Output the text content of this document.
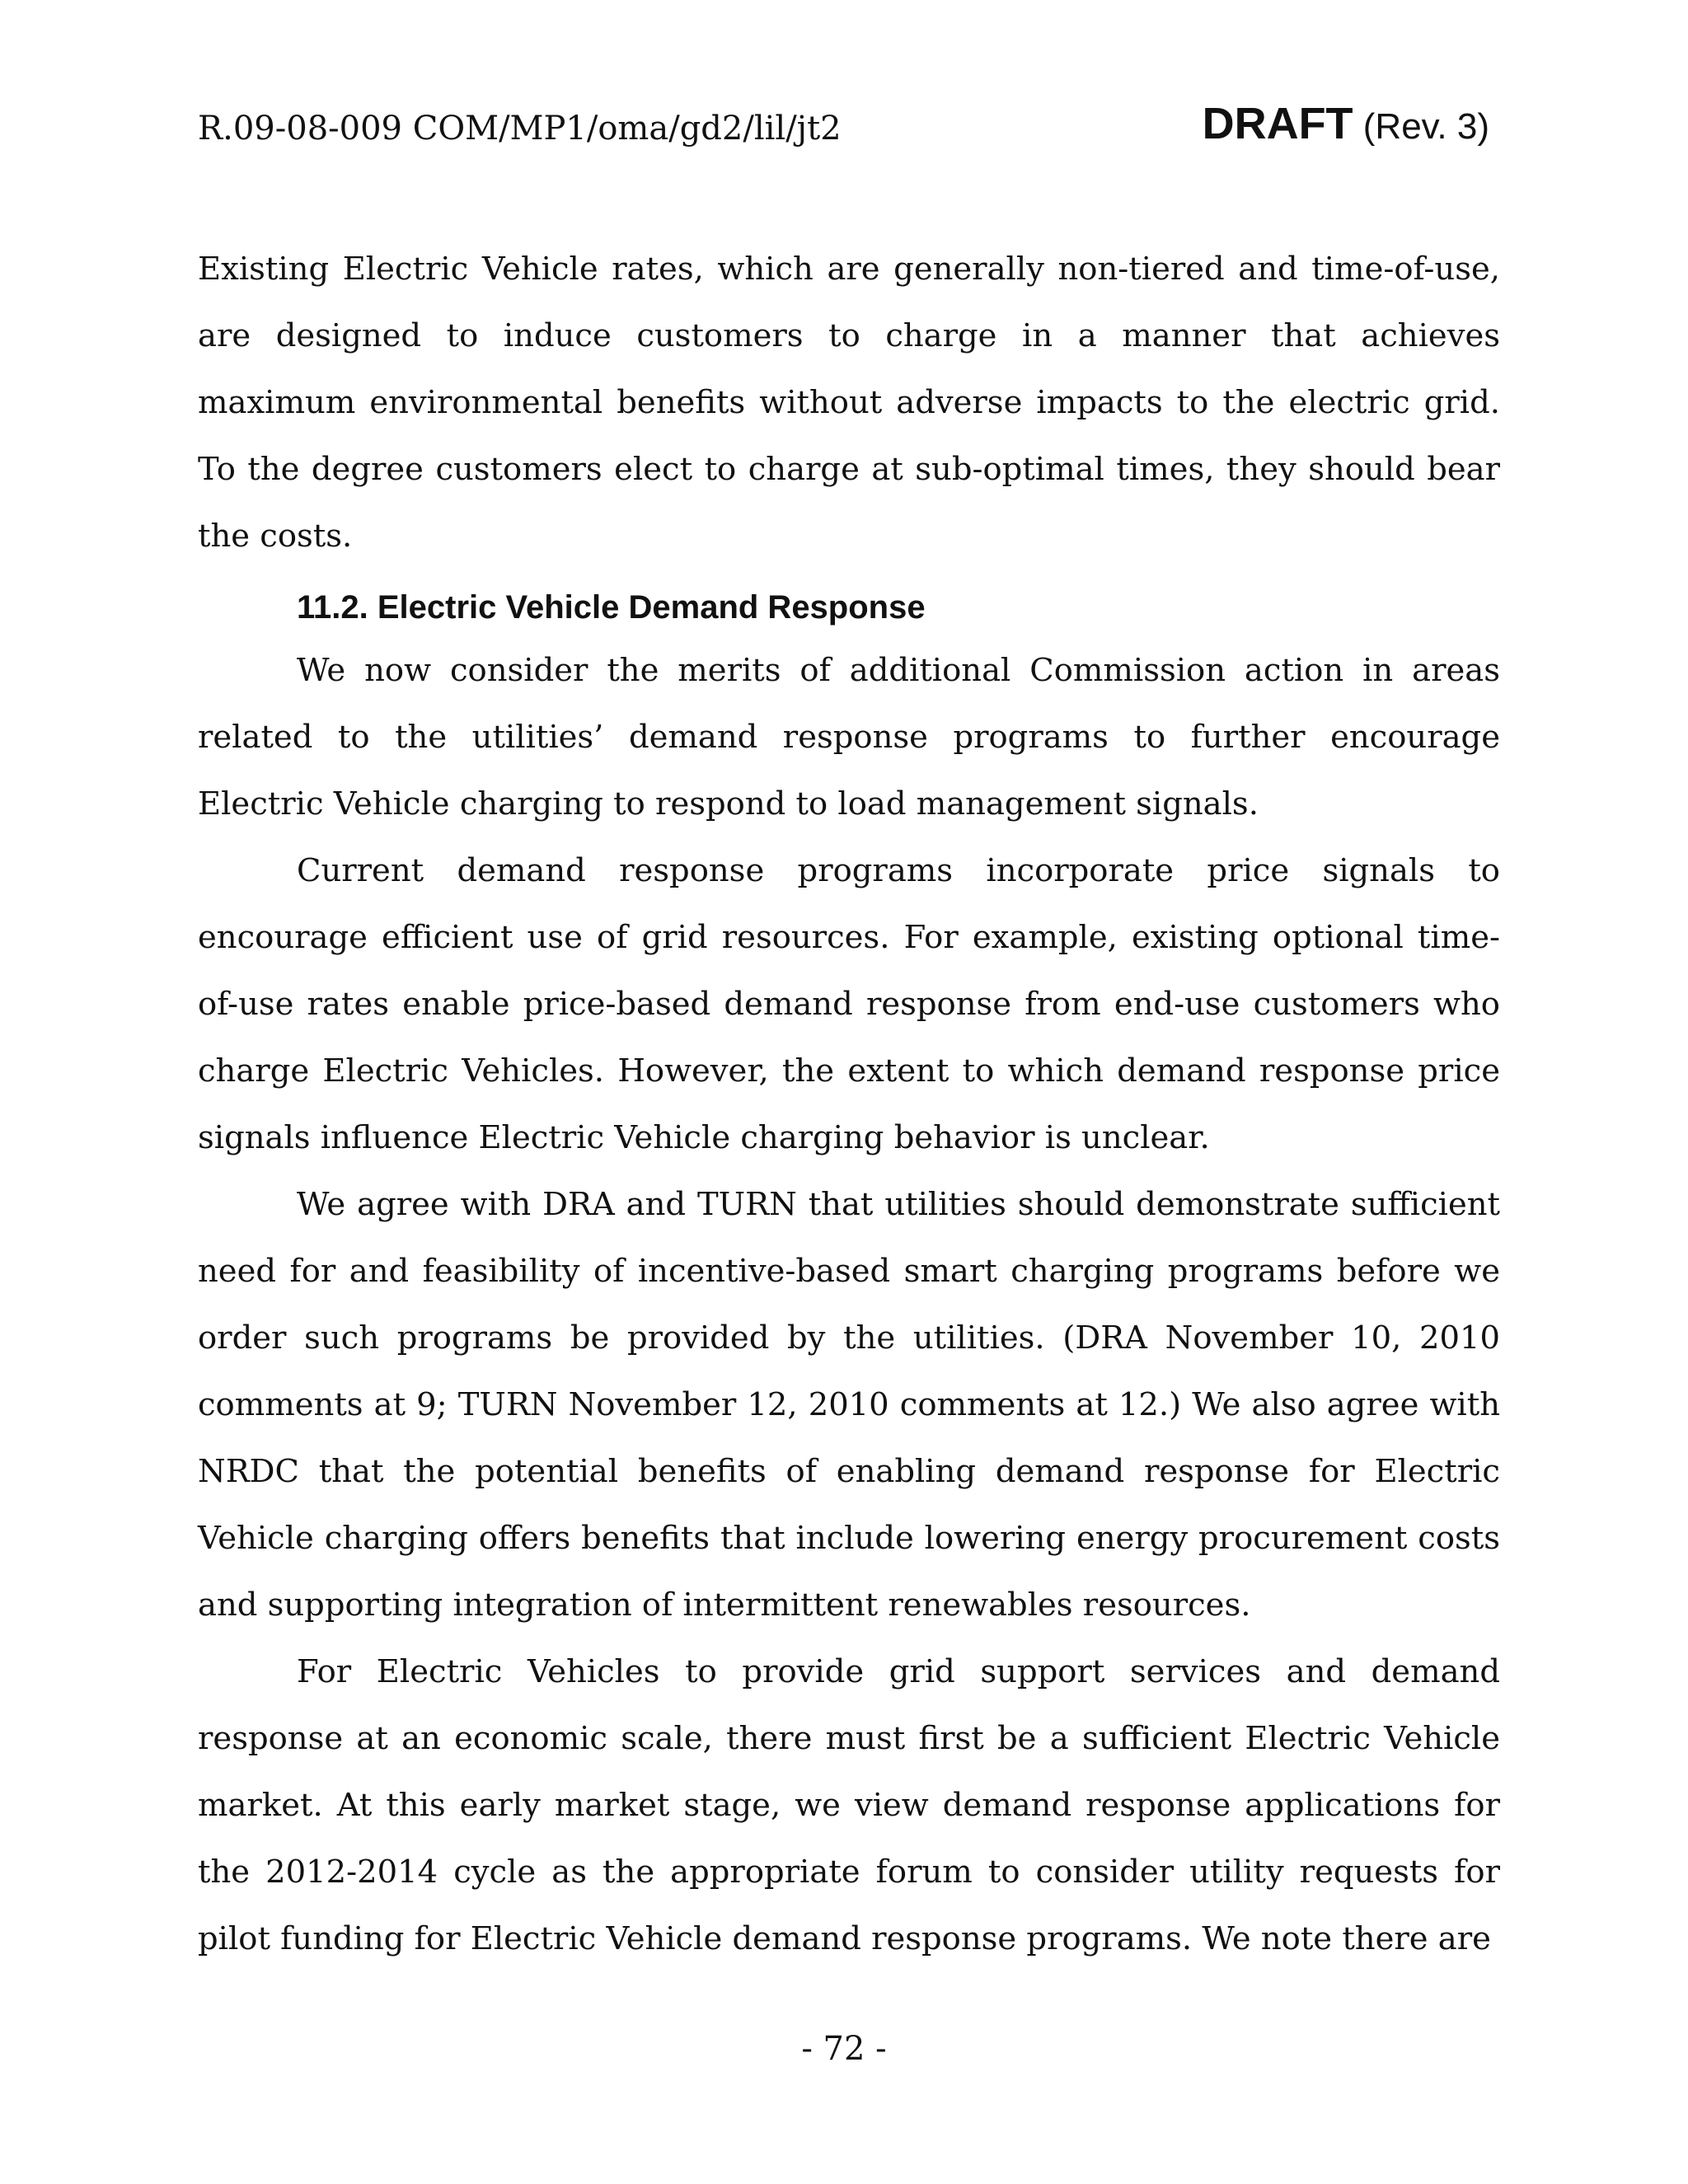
R.09-08-009 COM/MP1/oma/gd2/lil/jt2	DRAFT (Rev. 3)

Existing Electric Vehicle rates, which are generally non-tiered and time-of-use, are designed to induce customers to charge in a manner that achieves maximum environmental benefits without adverse impacts to the electric grid. To the degree customers elect to charge at sub-optimal times, they should bear the costs.

11.2. Electric Vehicle Demand Response

We now consider the merits of additional Commission action in areas related to the utilities’ demand response programs to further encourage Electric Vehicle charging to respond to load management signals.

Current demand response programs incorporate price signals to encourage efficient use of grid resources. For example, existing optional time-of-use rates enable price-based demand response from end-use customers who charge Electric Vehicles. However, the extent to which demand response price signals influence Electric Vehicle charging behavior is unclear.

We agree with DRA and TURN that utilities should demonstrate sufficient need for and feasibility of incentive-based smart charging programs before we order such programs be provided by the utilities. (DRA November 10, 2010 comments at 9; TURN November 12, 2010 comments at 12.) We also agree with NRDC that the potential benefits of enabling demand response for Electric Vehicle charging offers benefits that include lowering energy procurement costs and supporting integration of intermittent renewables resources.

For Electric Vehicles to provide grid support services and demand response at an economic scale, there must first be a sufficient Electric Vehicle market. At this early market stage, we view demand response applications for the 2012-2014 cycle as the appropriate forum to consider utility requests for pilot funding for Electric Vehicle demand response programs. We note there are

- 72 -
